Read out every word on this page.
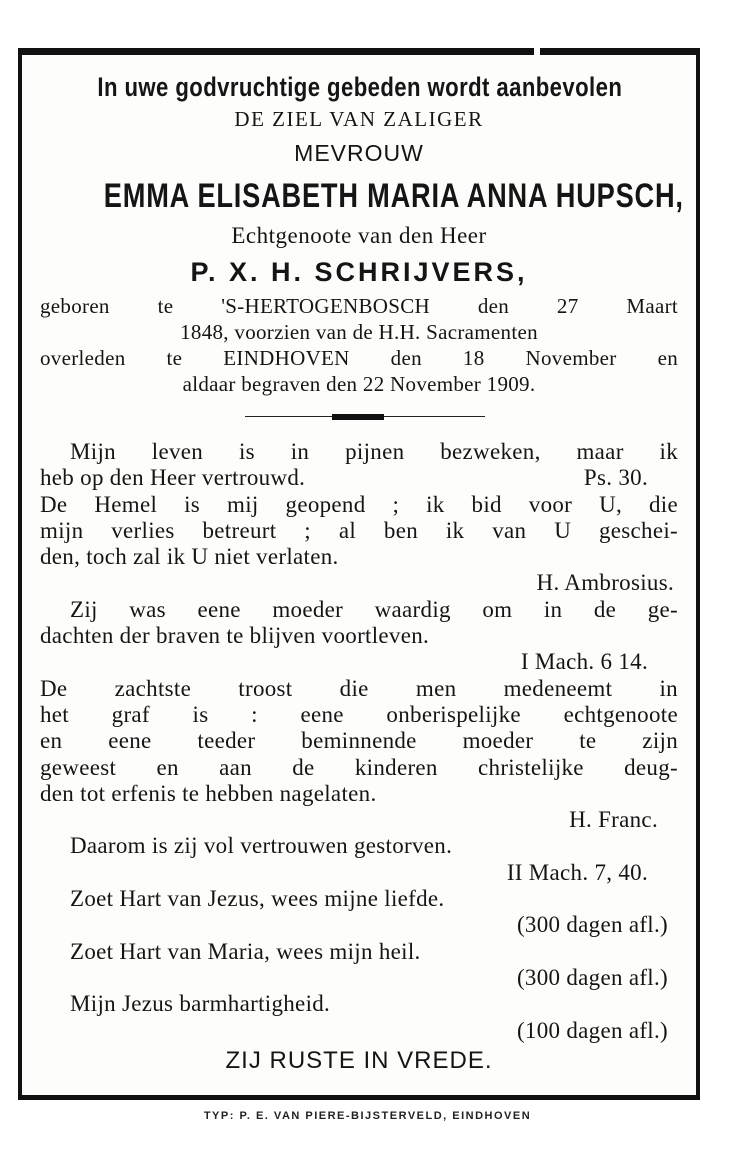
In uwe godvruchtige gebeden wordt aanbevolen
DE ZIEL VAN ZALIGER
MEVROUW
EMMA ELISABETH MARIA ANNA HUPSCH,
Echtgenoote van den Heer
P. X. H. SCHRIJVERS,
geboren te 'S-HERTOGENBOSCH den 27 Maart
1848, voorzien van de H.H. Sacramenten
overleden te EINDHOVEN den 18 November en
aldaar begraven den 22 November 1909.
Mijn leven is in pijnen bezweken, maar ik
heb op den Heer vertrouwd.	Ps. 30.
De Hemel is mij geopend ; ik bid voor U, die
mijn verlies betreurt ; al ben ik van U geschei-
den, toch zal ik U niet verlaten.
H. Ambrosius.
Zij was eene moeder waardig om in de ge-
dachten der braven te blijven voortleven.
I Mach. 6 14.
De zachtste troost die men medeneemt in
het graf is : eene onberispelijke echtgenoote
en eene teeder beminnende moeder te zijn
geweest en aan de kinderen christelijke deug-
den tot erfenis te hebben nagelaten.
H. Franc.
Daarom is zij vol vertrouwen gestorven.
II Mach. 7, 40.
Zoet Hart van Jezus, wees mijne liefde.
(300 dagen afl.)
Zoet Hart van Maria, wees mijn heil.
(300 dagen afl.)
Mijn Jezus barmhartigheid.
(100 dagen afl.)
ZIJ RUSTE IN VREDE.
TYP: P. E. VAN PIERE-BIJSTERVELD, EINDHOVEN
